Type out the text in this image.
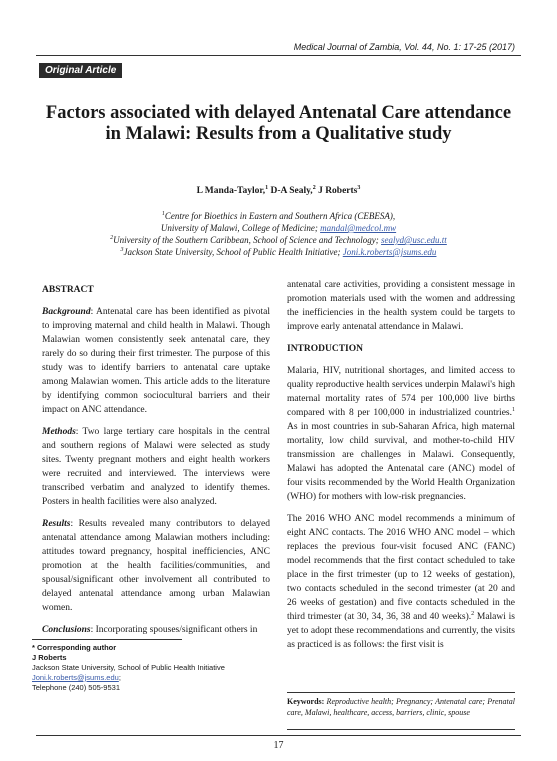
Medical Journal of Zambia, Vol. 44, No. 1: 17-25 (2017)
Original Article
Factors associated with delayed Antenatal Care attendance in Malawi: Results from a Qualitative study
L Manda-Taylor,$^1$ D-A Sealy,$^2$ J Roberts$^3$
$^1$Centre for Bioethics in Eastern and Southern Africa (CEBESA),
University of Malawi, College of Medicine; mandal@medcol.mw
$^2$University of the Southern Caribbean, School of Science and Technology; sealyd@usc.edu.tt
$^3$Jackson State University, School of Public Health Initiative; Joni.k.roberts@jsums.edu
ABSTRACT

Background: Antenatal care has been identified as pivotal to improving maternal and child health in Malawi. Though Malawian women consistently seek antenatal care, they rarely do so during their first trimester. The purpose of this study was to identify barriers to antenatal care uptake among Malawian women. This article adds to the literature by identifying common sociocultural barriers and their impact on ANC attendance.

Methods: Two large tertiary care hospitals in the central and southern regions of Malawi were selected as study sites. Twenty pregnant mothers and eight health workers were recruited and interviewed. The interviews were transcribed verbatim and analyzed to identify themes. Posters in health facilities were also analyzed.

Results: Results revealed many contributors to delayed antenatal attendance among Malawian mothers including: attitudes toward pregnancy, hospital inefficiencies, ANC promotion at the health facilities/communities, and spousal/significant other involvement all contributed to delayed antenatal attendance among urban Malawian women.

Conclusions: Incorporating spouses/significant others in

antenatal care activities, providing a consistent message in promotion materials used with the women and addressing the inefficiencies in the health system could be targets to improve early antenatal attendance in Malawi.

INTRODUCTION

Malaria, HIV, nutritional shortages, and limited access to quality reproductive health services underpin Malawi's high maternal mortality rates of 574 per 100,000 live births compared with 8 per 100,000 in industrialized countries.$^1$ As in most countries in sub-Saharan Africa, high maternal mortality, low child survival, and mother-to-child HIV transmission are challenges in Malawi. Consequently, Malawi has adopted the Antenatal care (ANC) model of four visits recommended by the World Health Organization (WHO) for mothers with low-risk pregnancies.

The 2016 WHO ANC model recommends a minimum of eight ANC contacts. The 2016 WHO ANC model – which replaces the previous four-visit focused ANC (FANC) model recommends that the first contact scheduled to take place in the first trimester (up to 12 weeks of gestation), two contacts scheduled in the second trimester (at 20 and 26 weeks of gestation) and five contacts scheduled in the third trimester (at 30, 34, 36, 38 and 40 weeks).$^2$ Malawi is yet to adopt these recommendations and currently, the visits as practiced is as follows: the first visit is

* Corresponding author
J Roberts
Jackson State University, School of Public Health Initiative
Joni.k.roberts@jsums.edu;
Telephone (240) 505-9531
Keywords: Reproductive health; Pregnancy; Antenatal care; Prenatal care, Malawi, healthcare, access, barriers, clinic, spouse
17
